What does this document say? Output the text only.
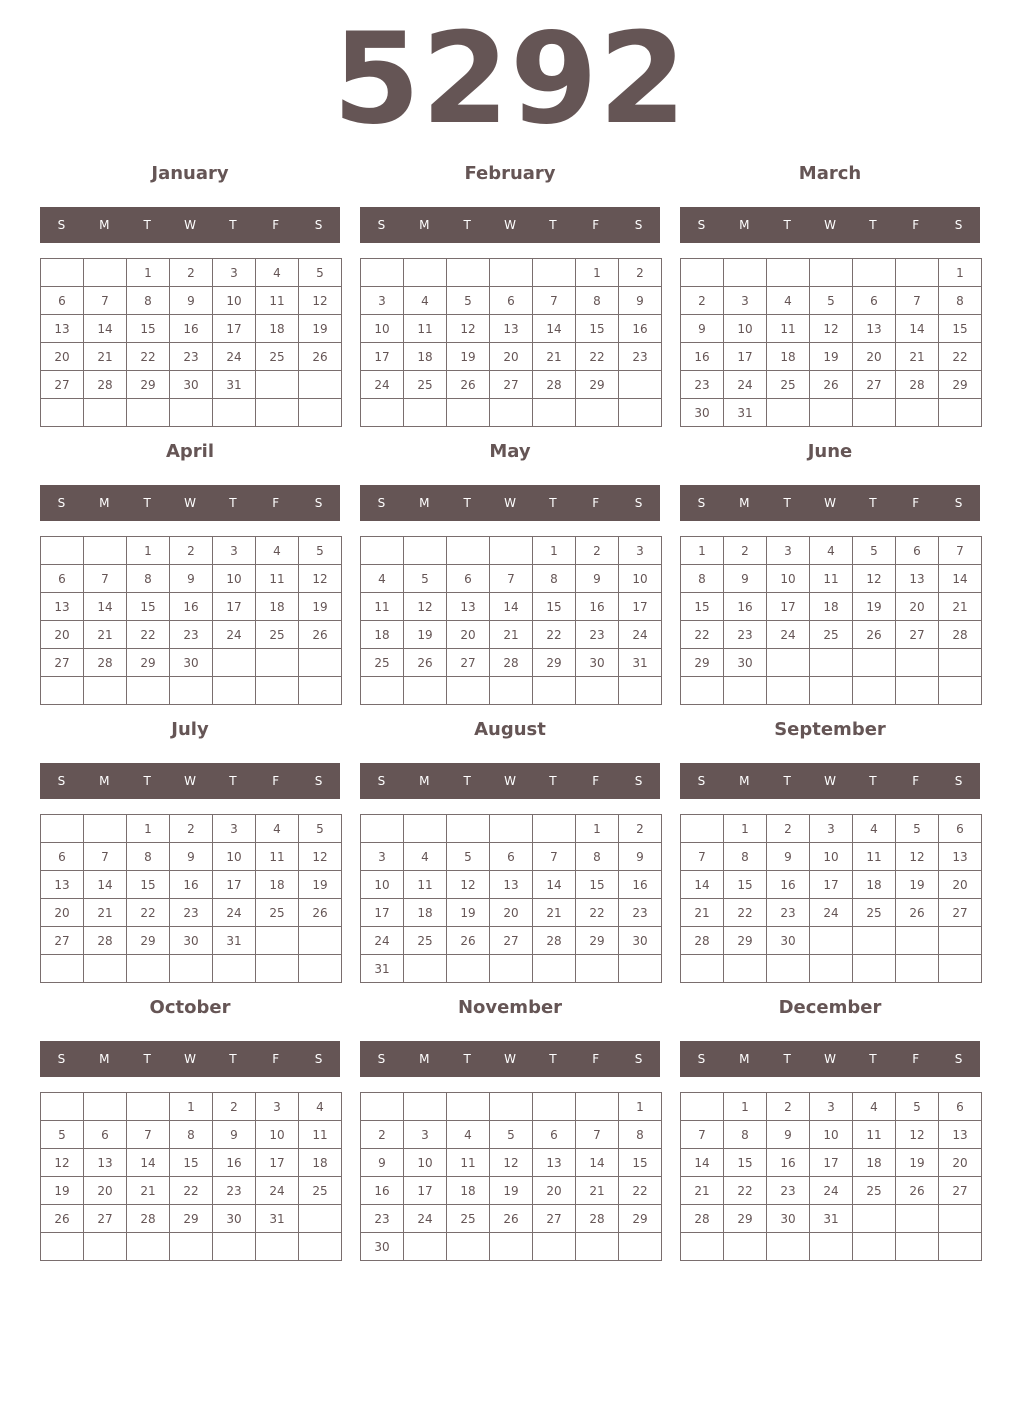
5292
January
S	M	T	W	T	F	S
		1	2	3	4	5
6	7	8	9	10	11	12
13	14	15	16	17	18	19
20	21	22	23	24	25	26
27	28	29	30	31		

February
S	M	T	W	T	F	S
					1	2
3	4	5	6	7	8	9
10	11	12	13	14	15	16
17	18	19	20	21	22	23
24	25	26	27	28	29	

March
S	M	T	W	T	F	S
						1
2	3	4	5	6	7	8
9	10	11	12	13	14	15
16	17	18	19	20	21	22
23	24	25	26	27	28	29
30	31					
April
S	M	T	W	T	F	S
		1	2	3	4	5
6	7	8	9	10	11	12
13	14	15	16	17	18	19
20	21	22	23	24	25	26
27	28	29	30			

May
S	M	T	W	T	F	S
				1	2	3
4	5	6	7	8	9	10
11	12	13	14	15	16	17
18	19	20	21	22	23	24
25	26	27	28	29	30	31

June
S	M	T	W	T	F	S
1	2	3	4	5	6	7
8	9	10	11	12	13	14
15	16	17	18	19	20	21
22	23	24	25	26	27	28
29	30					

July
S	M	T	W	T	F	S
		1	2	3	4	5
6	7	8	9	10	11	12
13	14	15	16	17	18	19
20	21	22	23	24	25	26
27	28	29	30	31		

August
S	M	T	W	T	F	S
					1	2
3	4	5	6	7	8	9
10	11	12	13	14	15	16
17	18	19	20	21	22	23
24	25	26	27	28	29	30
31						
September
S	M	T	W	T	F	S
	1	2	3	4	5	6
7	8	9	10	11	12	13
14	15	16	17	18	19	20
21	22	23	24	25	26	27
28	29	30				

October
S	M	T	W	T	F	S
			1	2	3	4
5	6	7	8	9	10	11
12	13	14	15	16	17	18
19	20	21	22	23	24	25
26	27	28	29	30	31	

November
S	M	T	W	T	F	S
						1
2	3	4	5	6	7	8
9	10	11	12	13	14	15
16	17	18	19	20	21	22
23	24	25	26	27	28	29
30						
December
S	M	T	W	T	F	S
	1	2	3	4	5	6
7	8	9	10	11	12	13
14	15	16	17	18	19	20
21	22	23	24	25	26	27
28	29	30	31			
